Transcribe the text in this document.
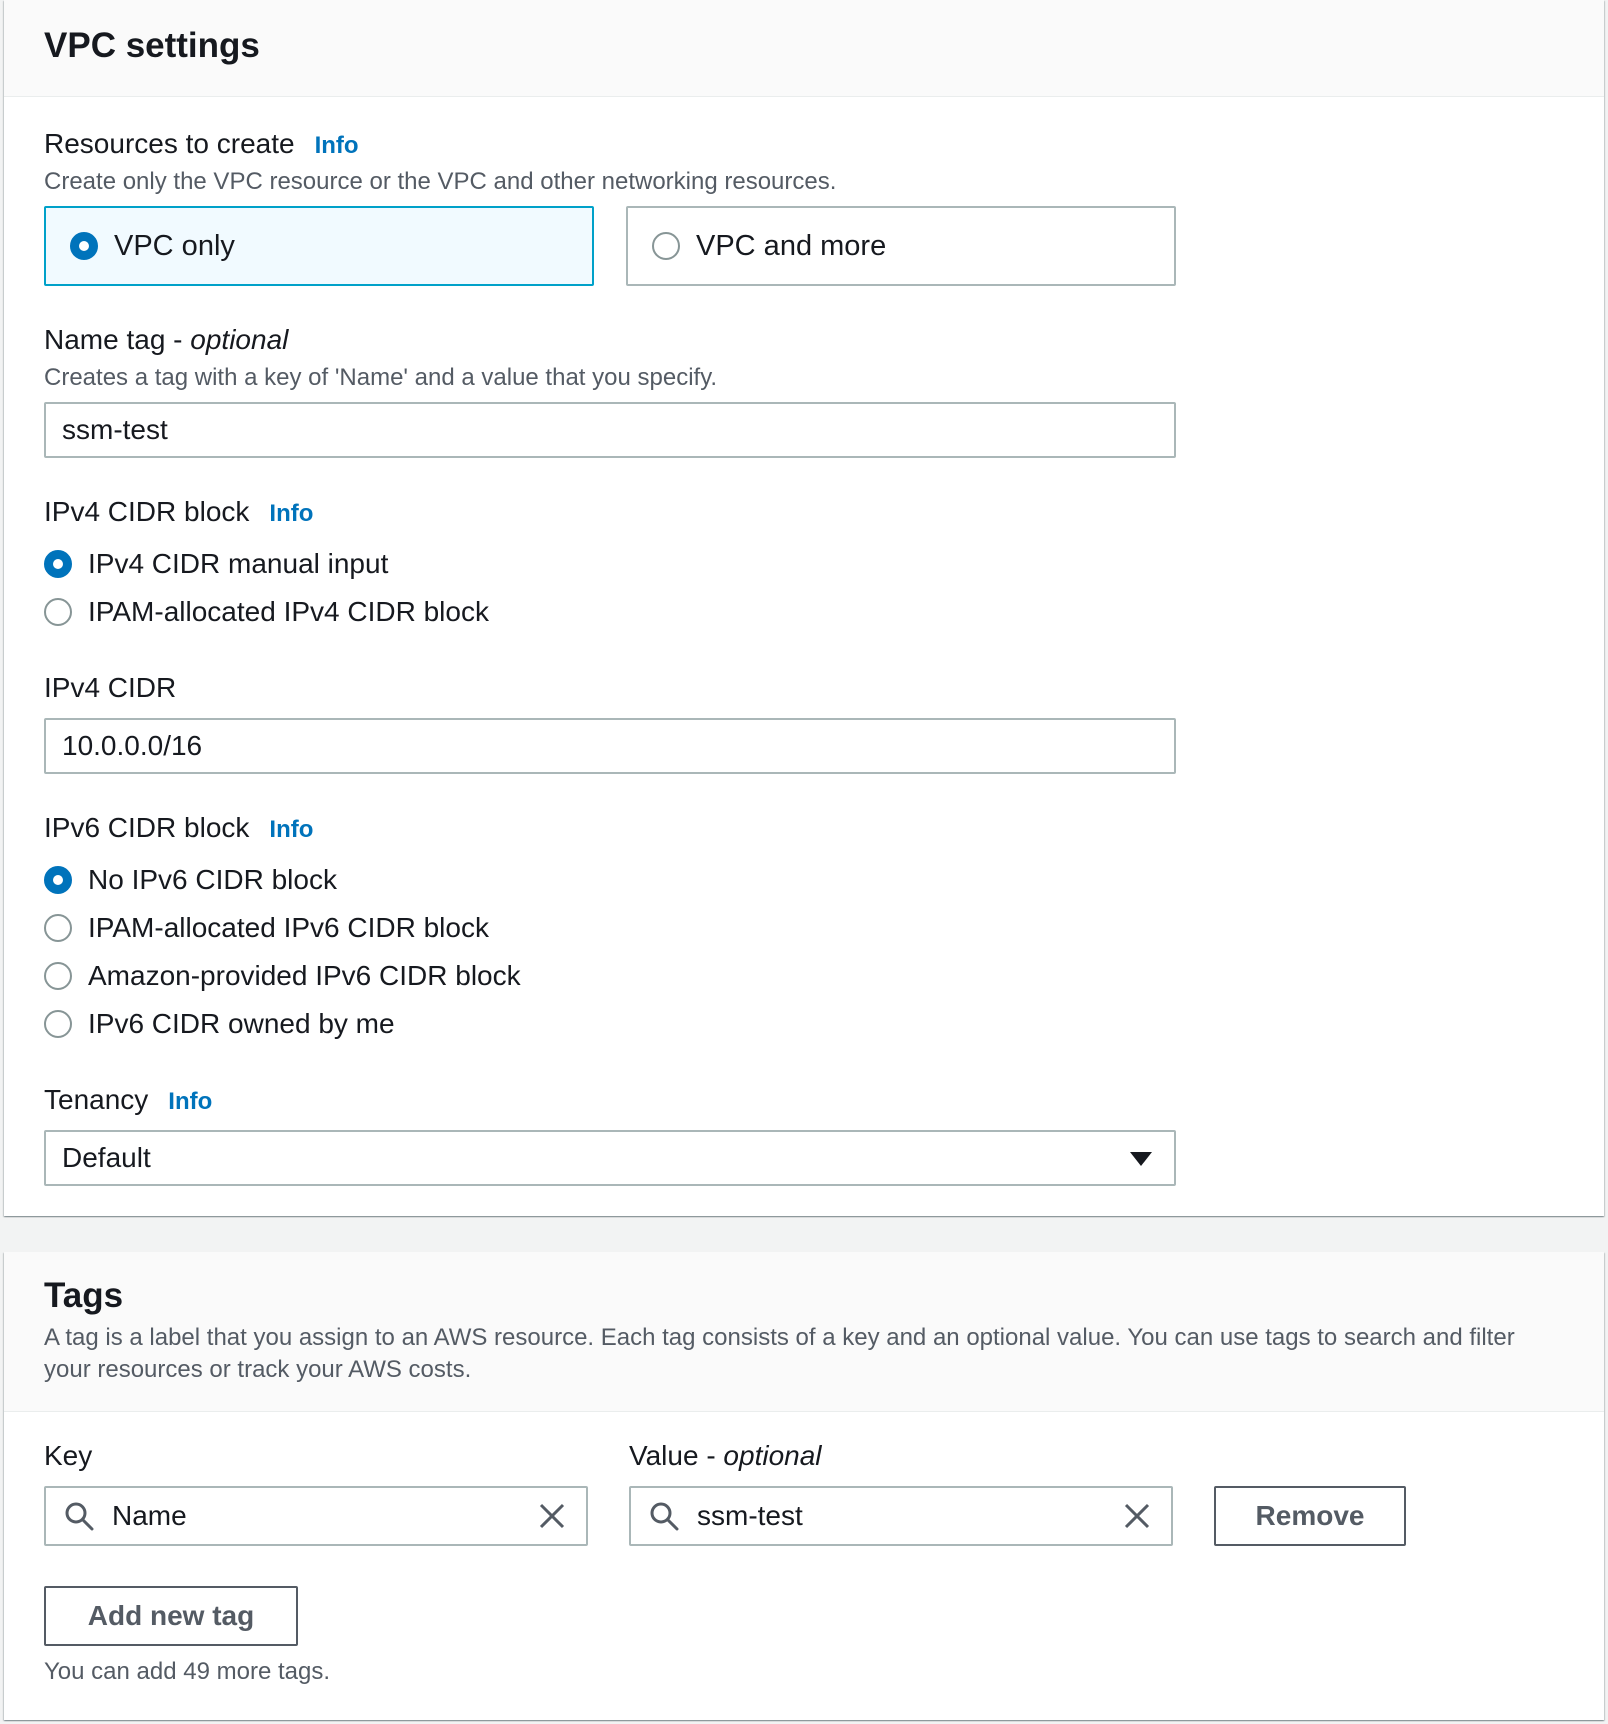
VPC settings
Resources to create Info
Create only the VPC resource or the VPC and other networking resources.
VPC only	VPC and more
Name tag - optional
Creates a tag with a key of 'Name' and a value that you specify.
ssm-test
IPv4 CIDR block Info
IPv4 CIDR manual input
IPAM-allocated IPv4 CIDR block
IPv4 CIDR
10.0.0.0/16
IPv6 CIDR block Info
No IPv6 CIDR block
IPAM-allocated IPv6 CIDR block
Amazon-provided IPv6 CIDR block
IPv6 CIDR owned by me
Tenancy Info
Default
Tags
A tag is a label that you assign to an AWS resource. Each tag consists of a key and an optional value. You can use tags to search and filter
your resources or track your AWS costs.
Key	Value - optional
Name	ssm-test	Remove
Add new tag
You can add 49 more tags.
